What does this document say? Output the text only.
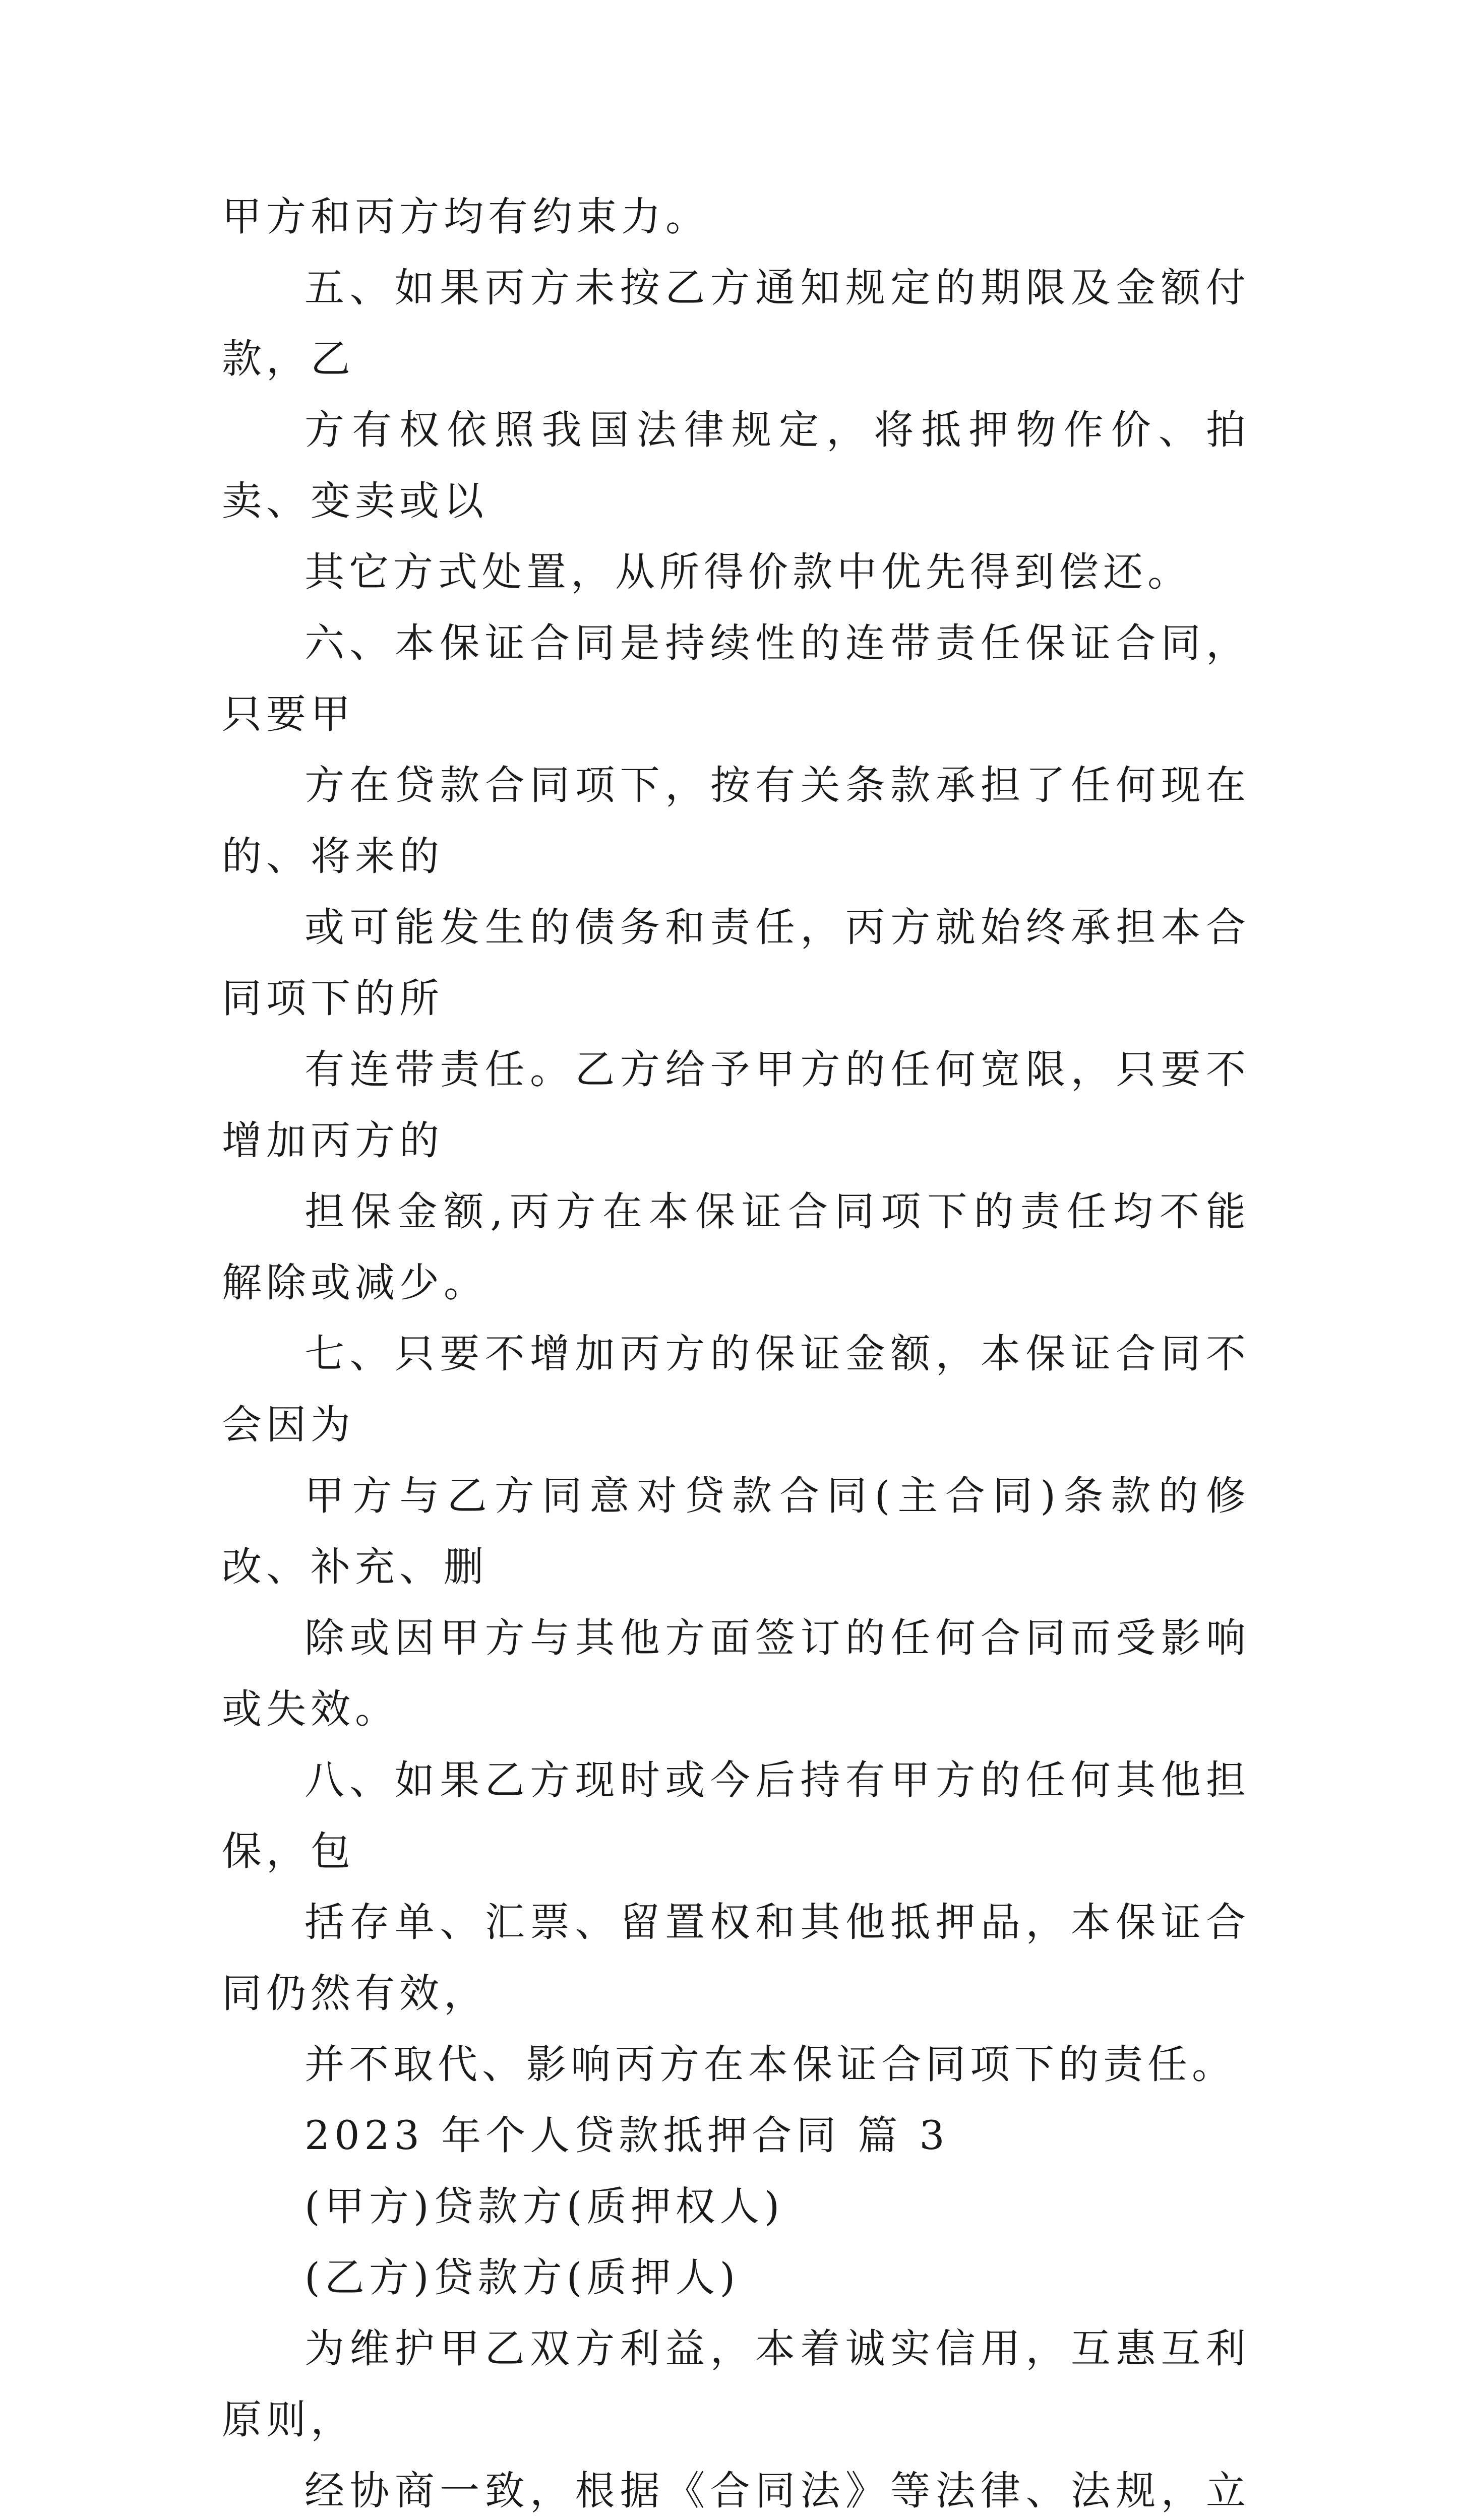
甲方和丙方均有约束力。

五、如果丙方未按乙方通知规定的期限及金额付款，乙
方有权依照我国法律规定，将抵押物作价、拍卖、变卖或以
其它方式处置，从所得价款中优先得到偿还。

六、本保证合同是持续性的连带责任保证合同，只要甲
方在贷款合同项下，按有关条款承担了任何现在的、将来的
或可能发生的债务和责任，丙方就始终承担本合同项下的所
有连带责任。乙方给予甲方的任何宽限，只要不增加丙方的
担保金额,丙方在本保证合同项下的责任均不能解除或减少。

七、只要不增加丙方的保证金额，本保证合同不会因为
甲方与乙方同意对贷款合同(主合同)条款的修改、补充、删
除或因甲方与其他方面签订的任何合同而受影响或失效。

八、如果乙方现时或今后持有甲方的任何其他担保，包
括存单、汇票、留置权和其他抵押品，本保证合同仍然有效，
并不取代、影响丙方在本保证合同项下的责任。

2023 年个人贷款抵押合同 篇 3

(甲方)贷款方(质押权人)

(乙方)贷款方(质押人)

为维护甲乙双方利益，本着诚实信用，互惠互利原则，
经协商一致，根据《合同法》等法律、法规，立
